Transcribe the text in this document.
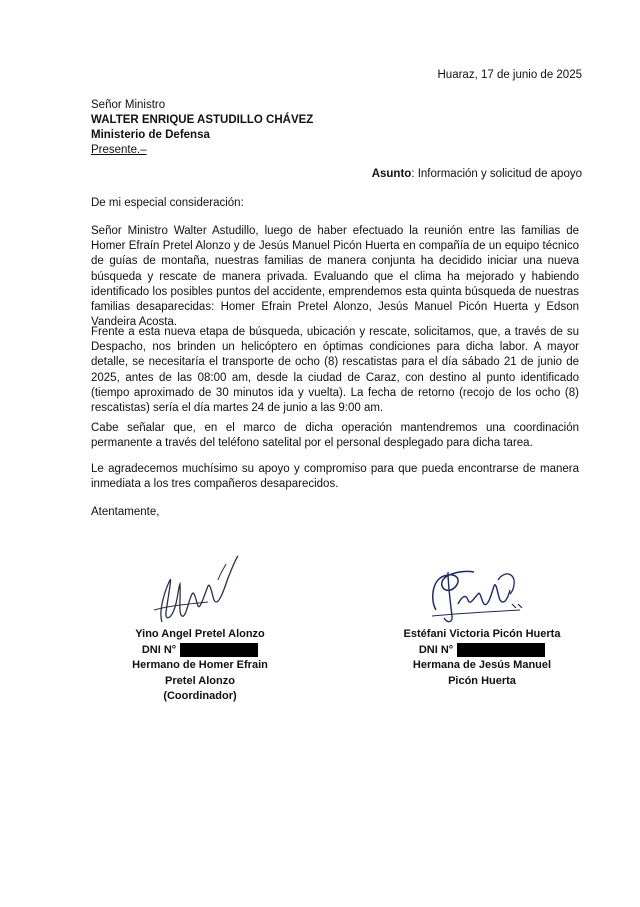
Huaraz, 17 de junio de 2025
Señor Ministro
WALTER ENRIQUE ASTUDILLO CHÁVEZ
Ministerio de Defensa
Presente.–
Asunto: Información y solicitud de apoyo
De mi especial consideración:

Señor Ministro Walter Astudillo, luego de haber efectuado la reunión entre las familias de Homer Efraín Pretel Alonzo y de Jesús Manuel Picón Huerta en compañía de un equipo técnico de guías de montaña, nuestras familias de manera conjunta ha decidido iniciar una nueva búsqueda y rescate de manera privada. Evaluando que el clima ha mejorado y habiendo identificado los posibles puntos del accidente, emprendemos esta quinta búsqueda de nuestras familias desaparecidas: Homer Efrain Pretel Alonzo, Jesús Manuel Picón Huerta y Edson Vandeira Acosta.

Frente a esta nueva etapa de búsqueda, ubicación y rescate, solicitamos, que, a través de su Despacho, nos brinden un helicóptero en óptimas condiciones para dicha labor. A mayor detalle, se necesitaría el transporte de ocho (8) rescatistas para el día sábado 21 de junio de 2025, antes de las 08:00 am, desde la ciudad de Caraz, con destino al punto identificado (tiempo aproximado de 30 minutos ida y vuelta). La fecha de retorno (recojo de los ocho (8) rescatistas) sería el día martes 24 de junio a las 9:00 am.

Cabe señalar que, en el marco de dicha operación mantendremos una coordinación permanente a través del teléfono satelital por el personal desplegado para dicha tarea.

Le agradecemos muchísimo su apoyo y compromiso para que pueda encontrarse de manera inmediata a los tres compañeros desaparecidos.

Atentamente,
Yino Angel Pretel Alonzo
DNI N°
Hermano de Homer Efrain
Pretel Alonzo
(Coordinador)
Estéfani Victoria Picón Huerta
DNI N°
Hermana de Jesús Manuel
Picón Huerta
